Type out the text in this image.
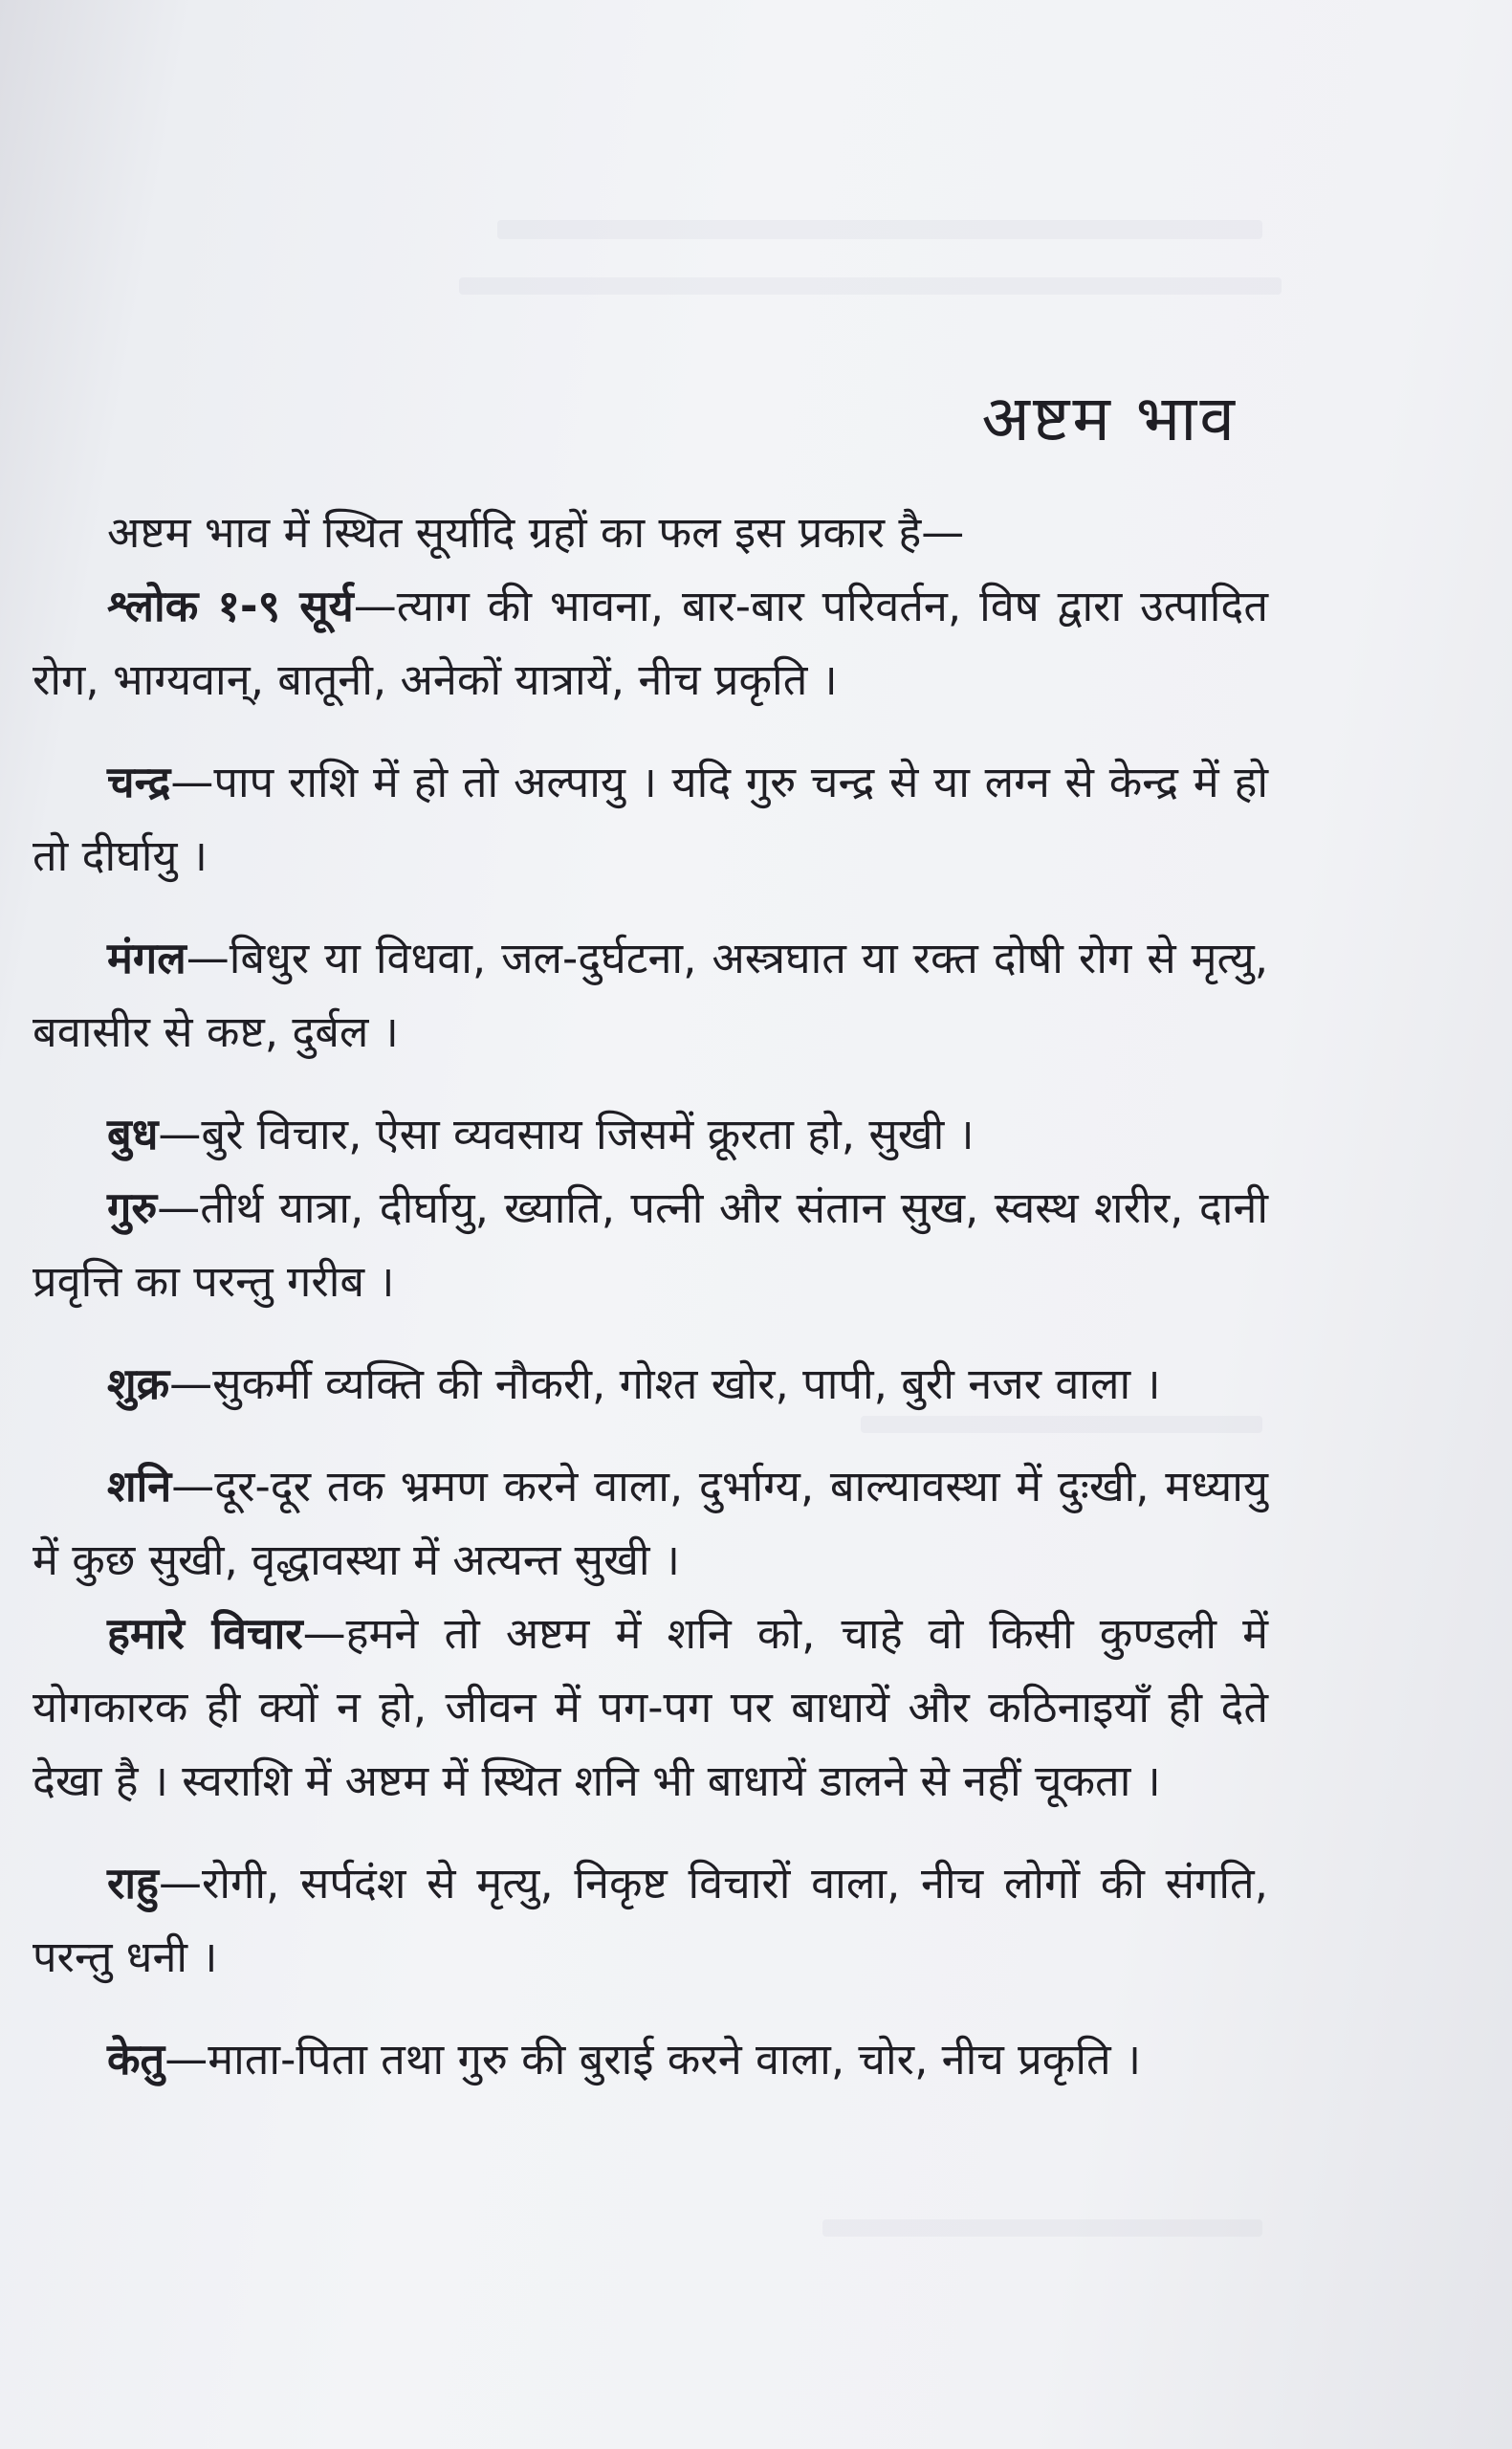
अष्टम भाव

अष्टम भाव में स्थित सूर्यादि ग्रहों का फल इस प्रकार है—

श्लोक १-९ सूर्य—त्याग की भावना, बार-बार परिवर्तन, विष द्वारा उत्पादित रोग, भाग्यवान्, बातूनी, अनेकों यात्रायें, नीच प्रकृति ।

चन्द्र—पाप राशि में हो तो अल्पायु । यदि गुरु चन्द्र से या लग्न से केन्द्र में हो तो दीर्घायु ।

मंगल—बिधुर या विधवा, जल-दुर्घटना, अस्त्रघात या रक्त दोषी रोग से मृत्यु, बवासीर से कष्ट, दुर्बल ।

बुध—बुरे विचार, ऐसा व्यवसाय जिसमें क्रूरता हो, सुखी ।

गुरु—तीर्थ यात्रा, दीर्घायु, ख्याति, पत्नी और संतान सुख, स्वस्थ शरीर, दानी प्रवृत्ति का परन्तु गरीब ।

शुक्र—सुकर्मी व्यक्ति की नौकरी, गोश्त खोर, पापी, बुरी नजर वाला ।

शनि—दूर-दूर तक भ्रमण करने वाला, दुर्भाग्य, बाल्यावस्था में दुःखी, मध्यायु में कुछ सुखी, वृद्धावस्था में अत्यन्त सुखी ।

हमारे विचार—हमने तो अष्टम में शनि को, चाहे वो किसी कुण्डली में योगकारक ही क्यों न हो, जीवन में पग-पग पर बाधायें और कठिनाइयाँ ही देते देखा है । स्वराशि में अष्टम में स्थित शनि भी बाधायें डालने से नहीं चूकता ।

राहु—रोगी, सर्पदंश से मृत्यु, निकृष्ट विचारों वाला, नीच लोगों की संगति, परन्तु धनी ।

केतु—माता-पिता तथा गुरु की बुराई करने वाला, चोर, नीच प्रकृति ।
